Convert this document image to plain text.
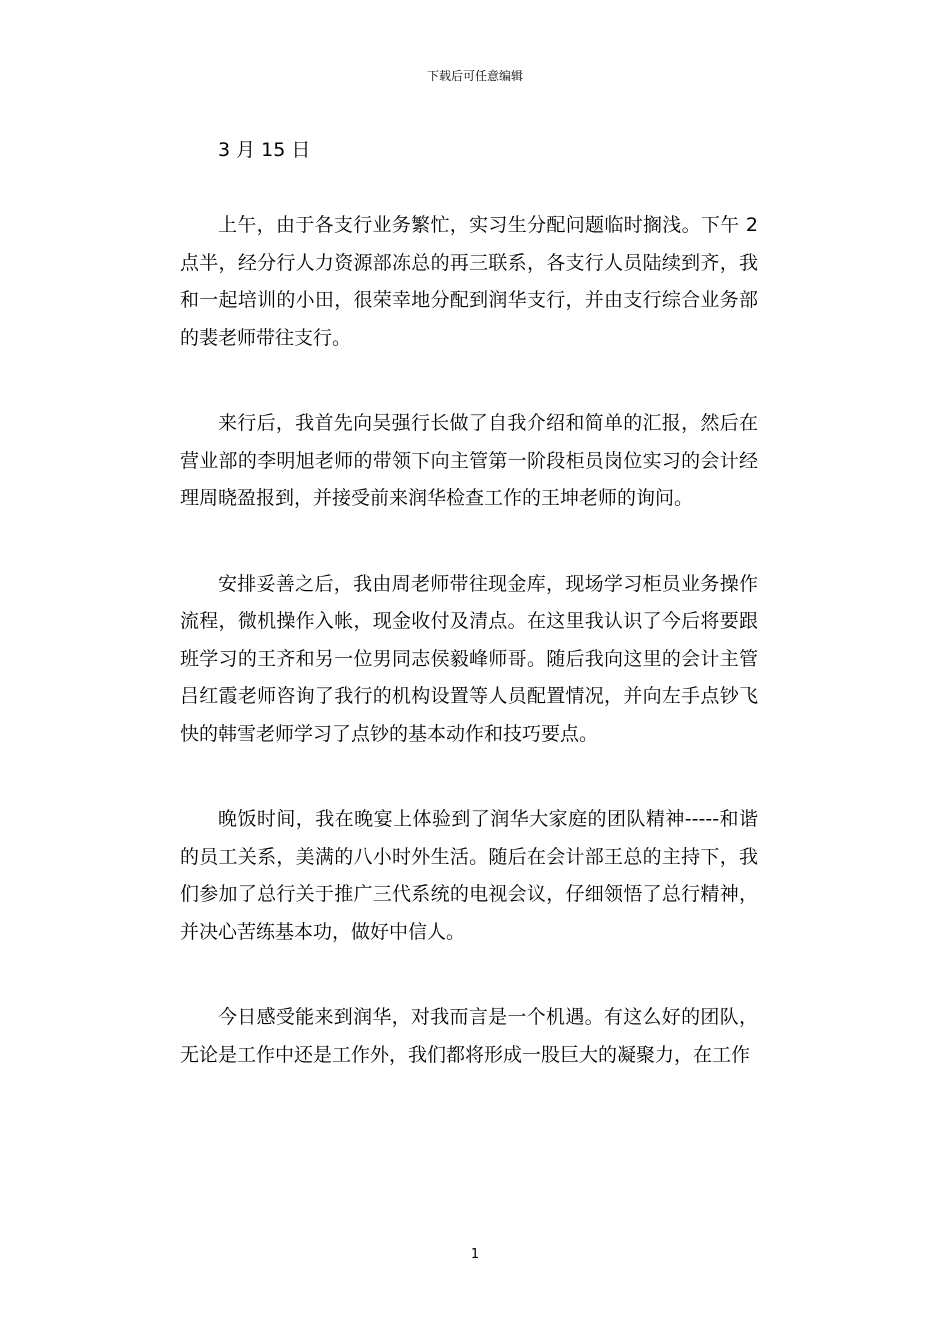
下载后可任意编辑

3 月 15 日

上午，由于各支行业务繁忙，实习生分配问题临时搁浅。下午 2 点半，经分行人力资源部冻总的再三联系，各支行人员陆续到齐，我和一起培训的小田，很荣幸地分配到润华支行，并由支行综合业务部的裴老师带往支行。

来行后，我首先向吴强行长做了自我介绍和简单的汇报，然后在营业部的李明旭老师的带领下向主管第一阶段柜员岗位实习的会计经理周晓盈报到，并接受前来润华检查工作的王坤老师的询问。

安排妥善之后，我由周老师带往现金库，现场学习柜员业务操作流程，微机操作入帐，现金收付及清点。在这里我认识了今后将要跟班学习的王齐和另一位男同志侯毅峰师哥。随后我向这里的会计主管吕红霞老师咨询了我行的机构设置等人员配置情况，并向左手点钞飞快的韩雪老师学习了点钞的基本动作和技巧要点。

晚饭时间，我在晚宴上体验到了润华大家庭的团队精神-----和谐的员工关系，美满的八小时外生活。随后在会计部王总的主持下，我们参加了总行关于推广三代系统的电视会议，仔细领悟了总行精神，并决心苦练基本功，做好中信人。

今日感受能来到润华，对我而言是一个机遇。有这么好的团队，无论是工作中还是工作外，我们都将形成一股巨大的凝聚力，在工作

1
